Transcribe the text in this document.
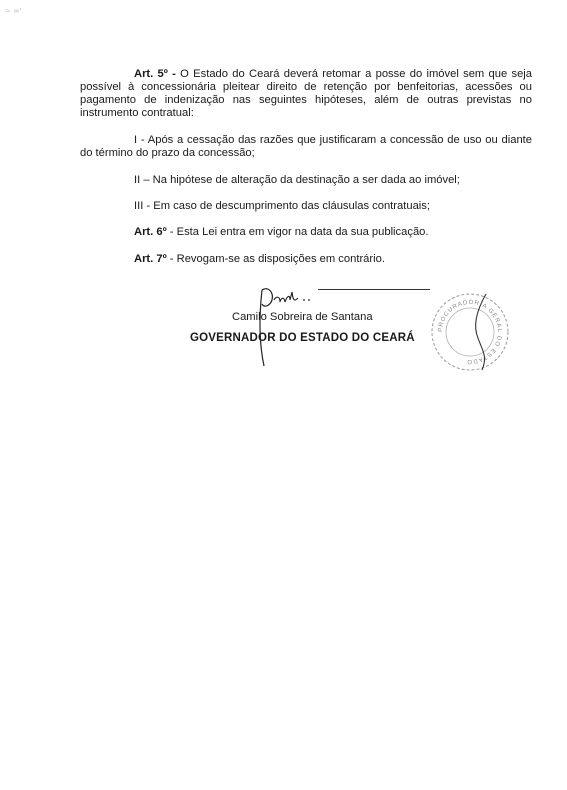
≈ ∞'
Art. 5º - O Estado do Ceará deverá retomar a posse do imóvel sem que seja possível à concessionária pleitear direito de retenção por benfeitorias, acessões ou pagamento de indenização nas seguintes hipóteses, além de outras previstas no instrumento contratual:
I - Após a cessação das razões que justificaram a concessão de uso ou diante do término do prazo da concessão;
II – Na hipótese de alteração da destinação a ser dada ao imóvel;
III - Em caso de descumprimento das cláusulas contratuais;
Art. 6º - Esta Lei entra em vigor na data da sua publicação.
Art. 7º - Revogam-se as disposições em contrário.
Camilo Sobreira de Santana
GOVERNADOR DO ESTADO DO CEARÁ
PROCURADORIA GERAL DO ESTADO
